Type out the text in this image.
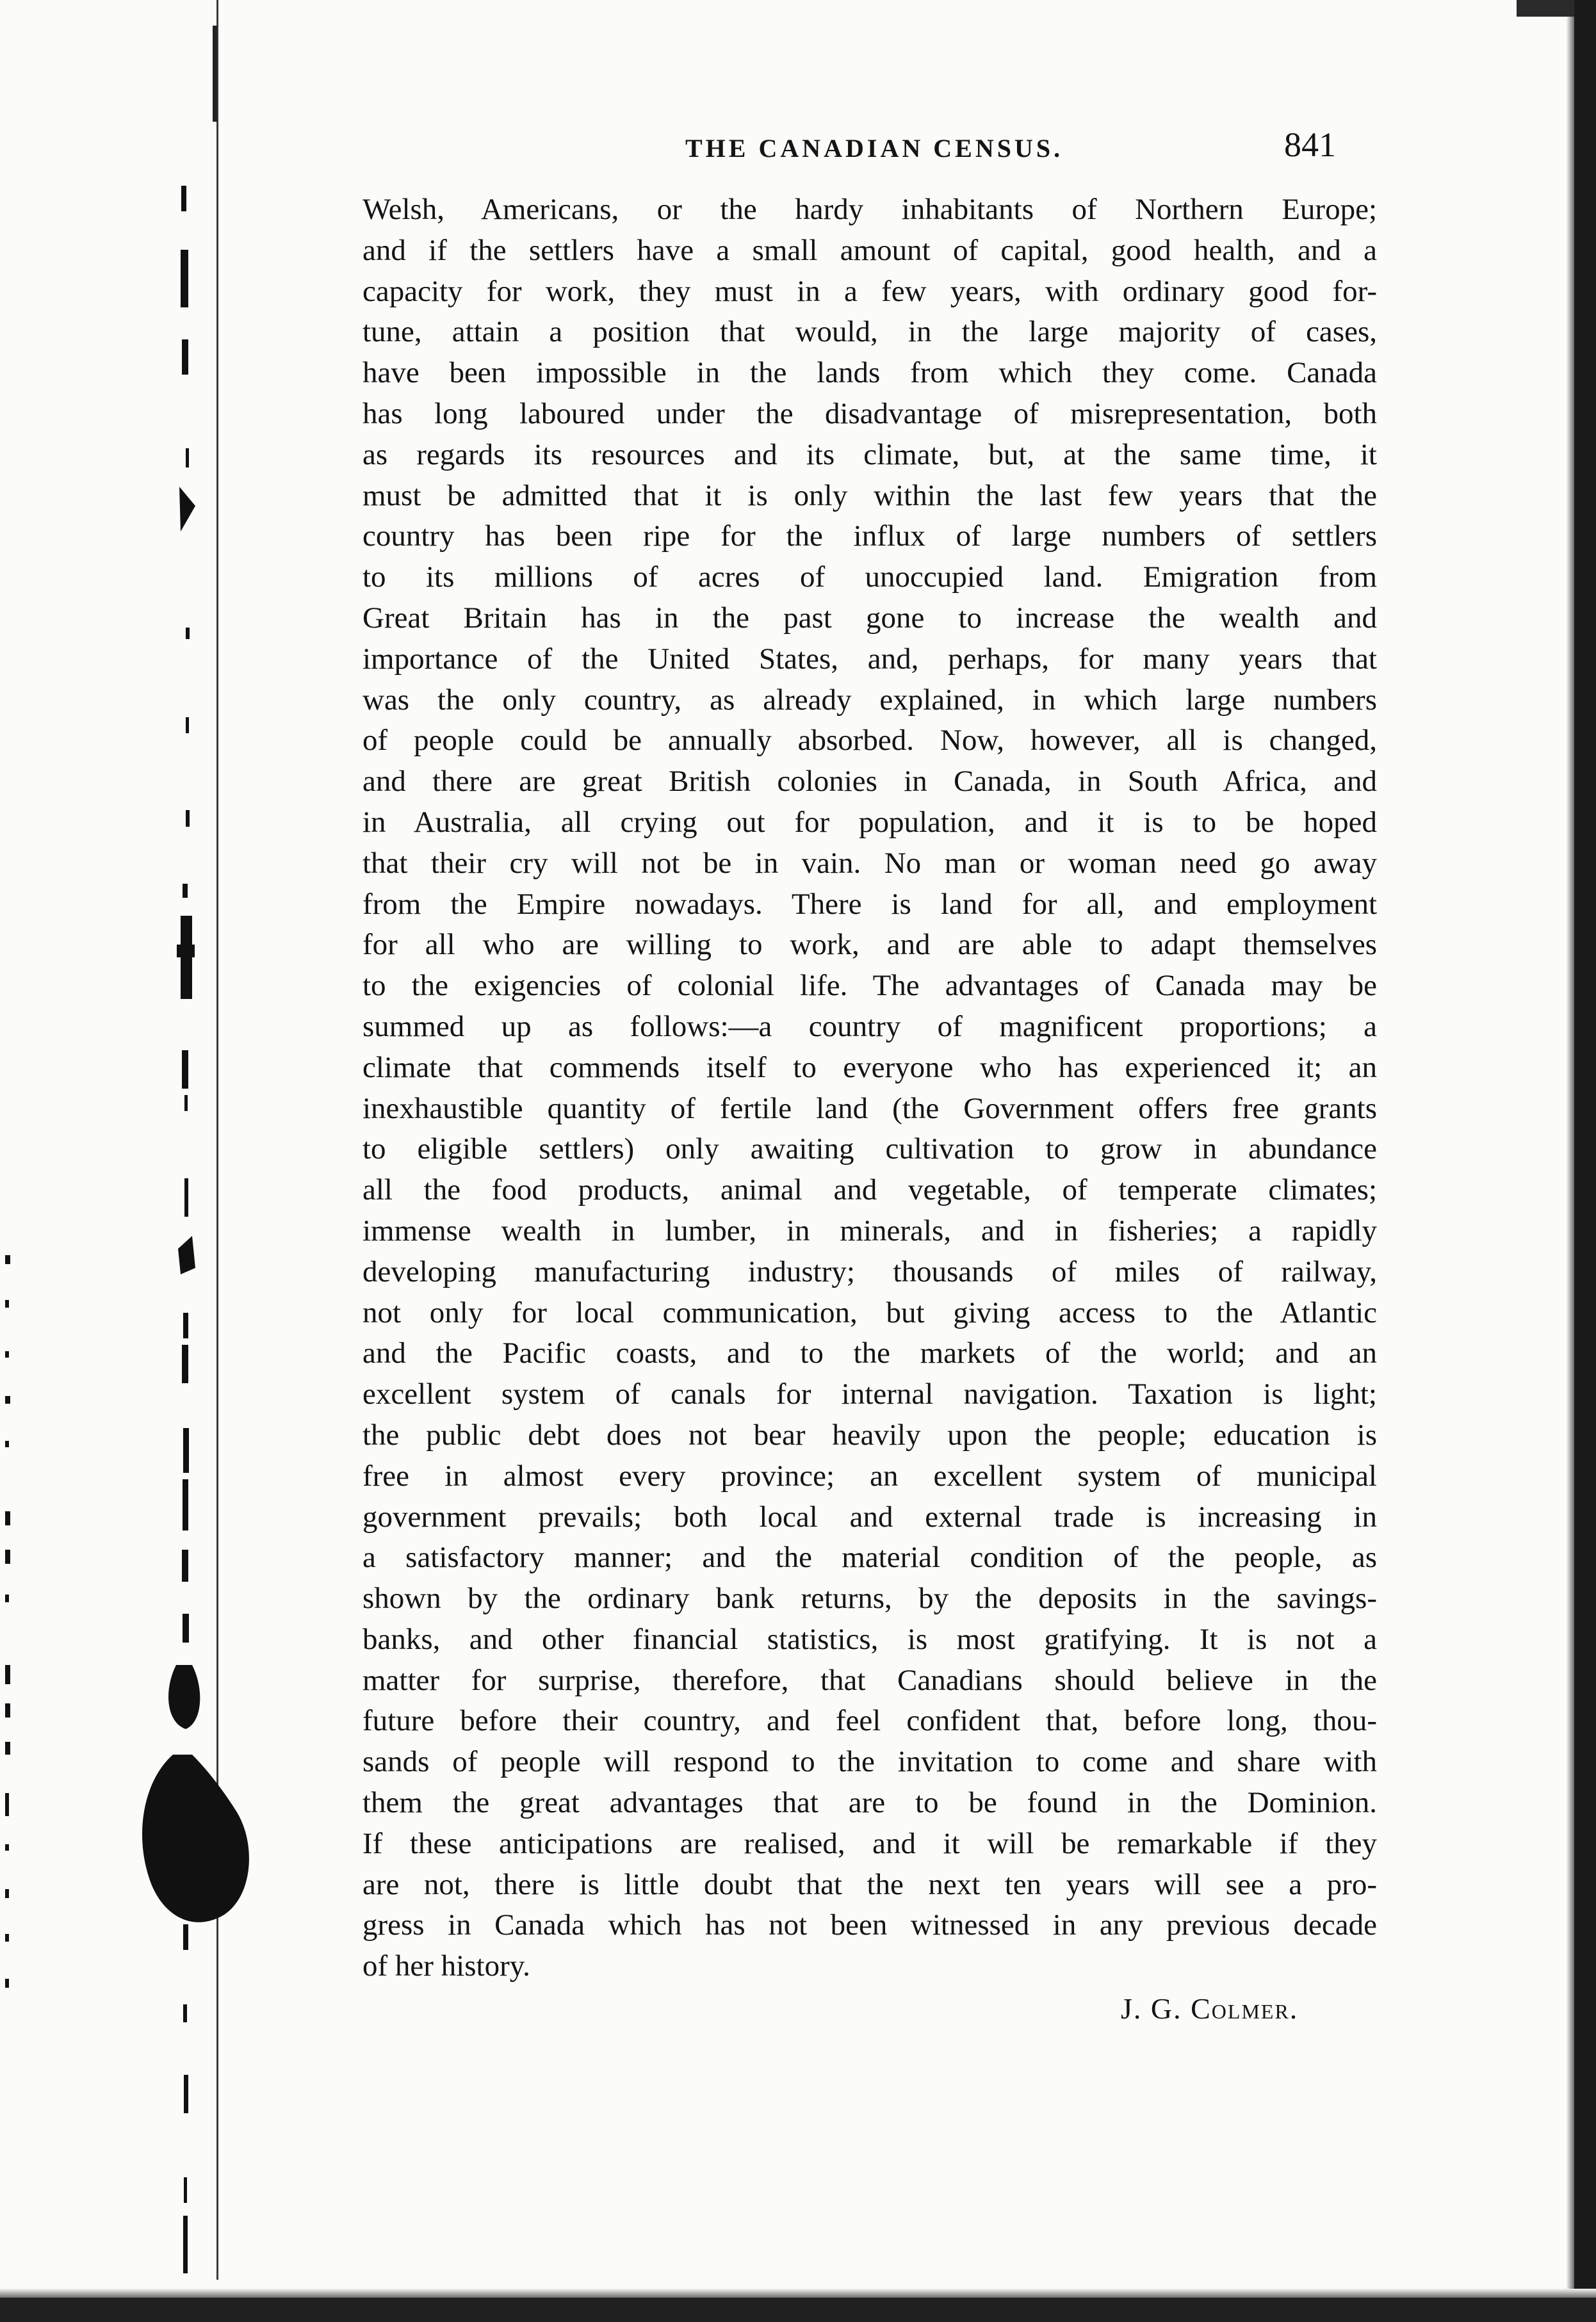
THE CANADIAN CENSUS.	841
Welsh, Americans, or the hardy inhabitants of Northern Europe;
and if the settlers have a small amount of capital, good health, and a
capacity for work, they must in a few years, with ordinary good for-
tune, attain a position that would, in the large majority of cases,
have been impossible in the lands from which they come. Canada
has long laboured under the disadvantage of misrepresentation, both
as regards its resources and its climate, but, at the same time, it
must be admitted that it is only within the last few years that the
country has been ripe for the influx of large numbers of settlers
to its millions of acres of unoccupied land. Emigration from
Great Britain has in the past gone to increase the wealth and
importance of the United States, and, perhaps, for many years that
was the only country, as already explained, in which large numbers
of people could be annually absorbed. Now, however, all is changed,
and there are great British colonies in Canada, in South Africa, and
in Australia, all crying out for population, and it is to be hoped
that their cry will not be in vain. No man or woman need go away
from the Empire nowadays. There is land for all, and employment
for all who are willing to work, and are able to adapt themselves
to the exigencies of colonial life. The advantages of Canada may be
summed up as follows:—a country of magnificent proportions; a
climate that commends itself to everyone who has experienced it; an
inexhaustible quantity of fertile land (the Government offers free grants
to eligible settlers) only awaiting cultivation to grow in abundance
all the food products, animal and vegetable, of temperate climates;
immense wealth in lumber, in minerals, and in fisheries; a rapidly
developing manufacturing industry; thousands of miles of railway,
not only for local communication, but giving access to the Atlantic
and the Pacific coasts, and to the markets of the world; and an
excellent system of canals for internal navigation. Taxation is light;
the public debt does not bear heavily upon the people; education is
free in almost every province; an excellent system of municipal
government prevails; both local and external trade is increasing in
a satisfactory manner; and the material condition of the people, as
shown by the ordinary bank returns, by the deposits in the savings-
banks, and other financial statistics, is most gratifying. It is not a
matter for surprise, therefore, that Canadians should believe in the
future before their country, and feel confident that, before long, thou-
sands of people will respond to the invitation to come and share with
them the great advantages that are to be found in the Dominion.
If these anticipations are realised, and it will be remarkable if they
are not, there is little doubt that the next ten years will see a pro-
gress in Canada which has not been witnessed in any previous decade
of her history.
J. G. Colmer.
